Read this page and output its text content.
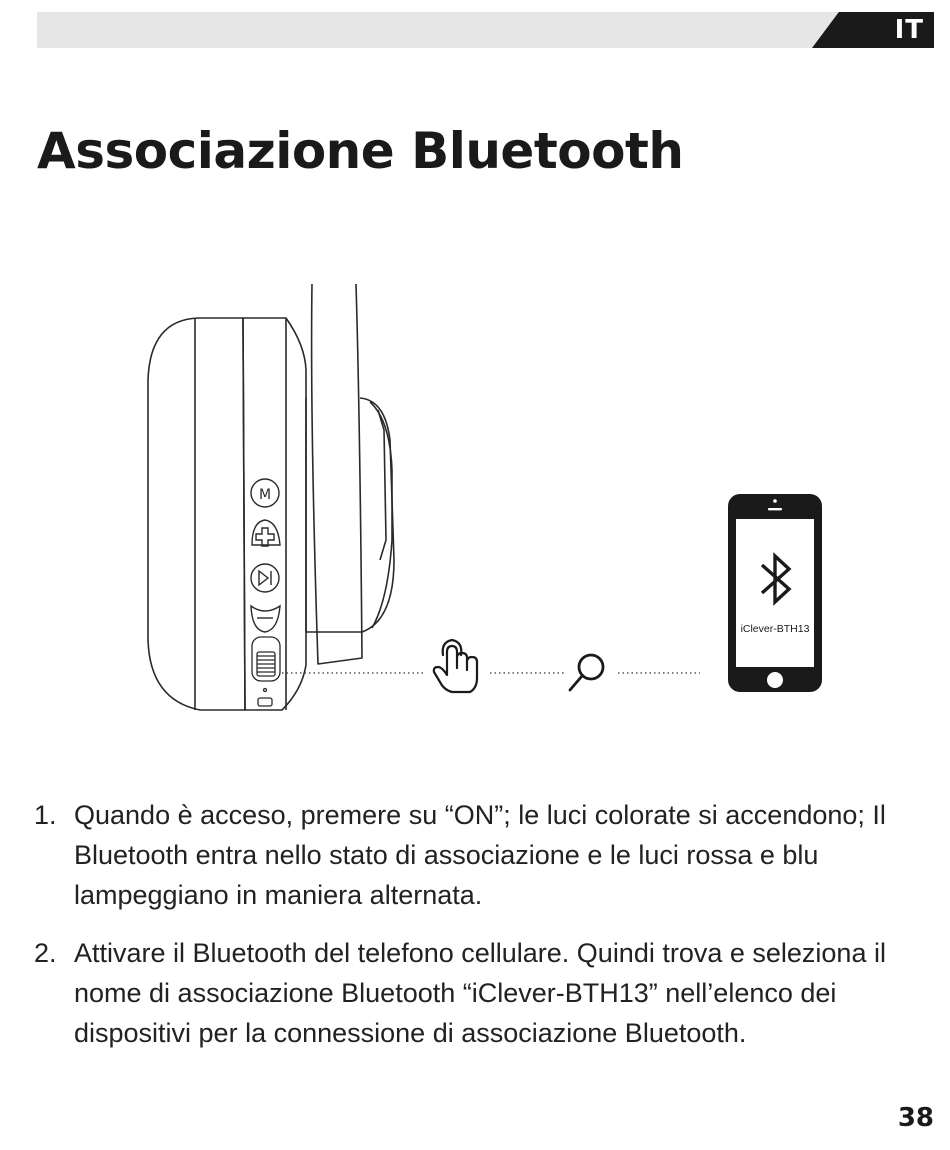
IT
Associazione Bluetooth
M
iClever-BTH13
1. Quando è acceso, premere su “ON”; le luci colorate si accendono; Il Bluetooth entra nello stato di associazione e le luci rossa e blu lampeggiano in maniera alternata.
2. Attivare il Bluetooth del telefono cellulare. Quindi trova e seleziona il nome di associazione Bluetooth “iClever-BTH13” nell’elenco dei dispositivi per la connessione di associazione Bluetooth.
38
